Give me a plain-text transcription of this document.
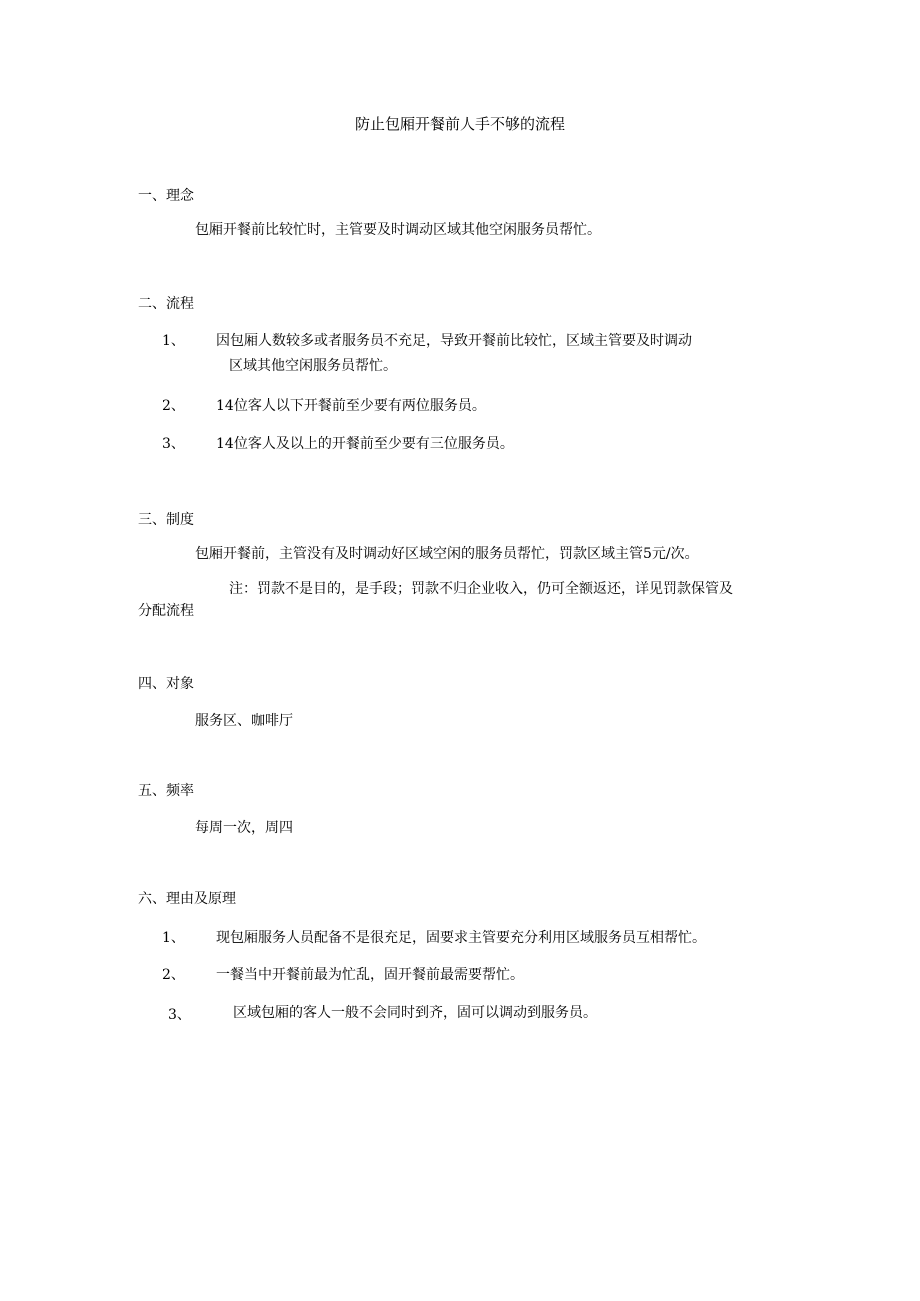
防止包厢开餐前人手不够的流程
一、理念
包厢开餐前比较忙时，主管要及时调动区域其他空闲服务员帮忙。
二、流程
1、 因包厢人数较多或者服务员不充足，导致开餐前比较忙，区域主管要及时调动
区域其他空闲服务员帮忙。
2、 14位客人以下开餐前至少要有两位服务员。
3、 14位客人及以上的开餐前至少要有三位服务员。
三、制度
包厢开餐前，主管没有及时调动好区域空闲的服务员帮忙，罚款区域主管5元/次。
注：罚款不是目的，是手段；罚款不归企业收入，仍可全额返还，详见罚款保管及
分配流程
四、对象
服务区、咖啡厅
五、频率
每周一次，周四
六、理由及原理
1、 现包厢服务人员配备不是很充足，固要求主管要充分利用区域服务员互相帮忙。
2、 一餐当中开餐前最为忙乱，固开餐前最需要帮忙。
3、	区域包厢的客人一般不会同时到齐，固可以调动到服务员。
